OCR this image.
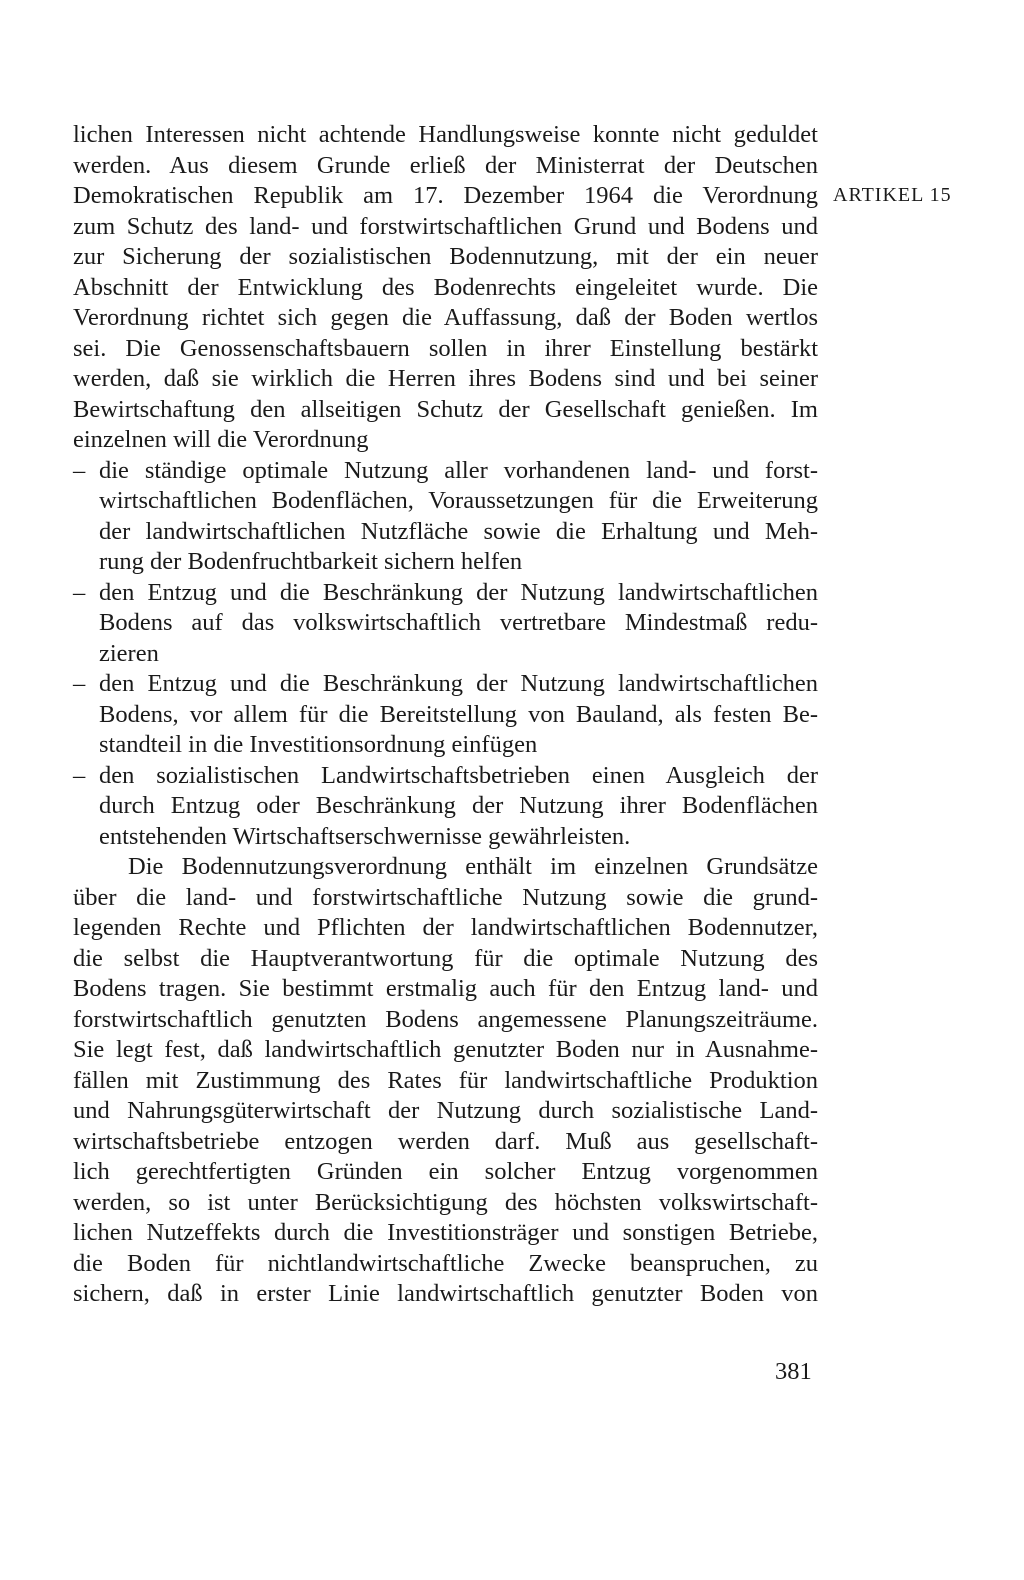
lichen Interessen nicht achtende Handlungsweise konnte nicht geduldet
werden. Aus diesem Grunde erließ der Ministerrat der Deutschen
Demokratischen Republik am 17. Dezember 1964 die Verordnung
zum Schutz des land- und forstwirtschaftlichen Grund und Bodens und
zur Sicherung der sozialistischen Bodennutzung, mit der ein neuer
Abschnitt der Entwicklung des Bodenrechts eingeleitet wurde. Die
Verordnung richtet sich gegen die Auffassung, daß der Boden wertlos
sei. Die Genossenschaftsbauern sollen in ihrer Einstellung bestärkt
werden, daß sie wirklich die Herren ihres Bodens sind und bei seiner
Bewirtschaftung den allseitigen Schutz der Gesellschaft genießen. Im
einzelnen will die Verordnung
– die ständige optimale Nutzung aller vorhandenen land- und forst-
wirtschaftlichen Bodenflächen, Voraussetzungen für die Erweiterung
der landwirtschaftlichen Nutzfläche sowie die Erhaltung und Meh-
rung der Bodenfruchtbarkeit sichern helfen
– den Entzug und die Beschränkung der Nutzung landwirtschaftlichen
Bodens auf das volkswirtschaftlich vertretbare Mindestmaß redu-
zieren
– den Entzug und die Beschränkung der Nutzung landwirtschaftlichen
Bodens, vor allem für die Bereitstellung von Bauland, als festen Be-
standteil in die Investitionsordnung einfügen
– den sozialistischen Landwirtschaftsbetrieben einen Ausgleich der
durch Entzug oder Beschränkung der Nutzung ihrer Bodenflächen
entstehenden Wirtschaftserschwernisse gewährleisten.
Die Bodennutzungsverordnung enthält im einzelnen Grundsätze
über die land- und forstwirtschaftliche Nutzung sowie die grund-
legenden Rechte und Pflichten der landwirtschaftlichen Bodennutzer,
die selbst die Hauptverantwortung für die optimale Nutzung des
Bodens tragen. Sie bestimmt erstmalig auch für den Entzug land- und
forstwirtschaftlich genutzten Bodens angemessene Planungszeiträume.
Sie legt fest, daß landwirtschaftlich genutzter Boden nur in Ausnahme-
fällen mit Zustimmung des Rates für landwirtschaftliche Produktion
und Nahrungsgüterwirtschaft der Nutzung durch sozialistische Land-
wirtschaftsbetriebe entzogen werden darf. Muß aus gesellschaft-
lich gerechtfertigten Gründen ein solcher Entzug vorgenommen
werden, so ist unter Berücksichtigung des höchsten volkswirtschaft-
lichen Nutzeffekts durch die Investitionsträger und sonstigen Betriebe,
die Boden für nichtlandwirtschaftliche Zwecke beanspruchen, zu
sichern, daß in erster Linie landwirtschaftlich genutzter Boden von
ARTIKEL 15
381
